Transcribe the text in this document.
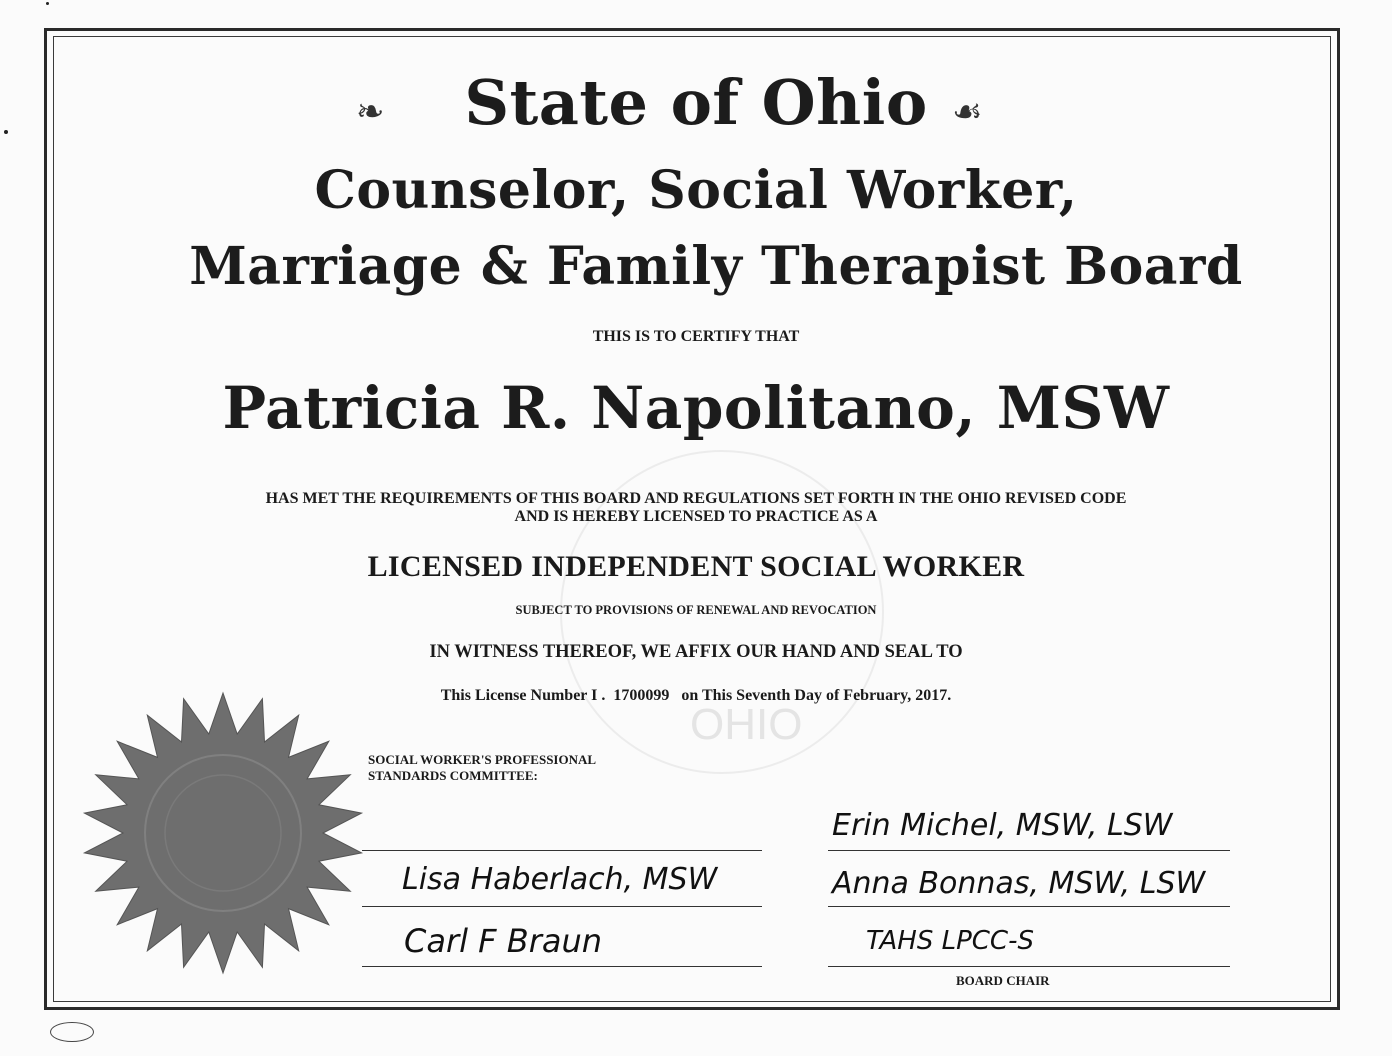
OHIO
❧	State of Ohio ☙
Counselor, Social Worker,
Marriage & Family Therapist Board
THIS IS TO CERTIFY THAT
Patricia R. Napolitano, MSW
HAS MET THE REQUIREMENTS OF THIS BOARD AND REGULATIONS SET FORTH IN THE OHIO REVISED CODE
AND IS HEREBY LICENSED TO PRACTICE AS A
LICENSED INDEPENDENT SOCIAL WORKER
SUBJECT TO PROVISIONS OF RENEWAL AND REVOCATION
IN WITNESS THEREOF, WE AFFIX OUR HAND AND SEAL TO
This License Number I .  1700099   on This Seventh Day of February, 2017.
SOCIAL WORKER'S PROFESSIONAL
STANDARDS COMMITTEE:
Lisa Haberlach, MSW
Carl F Braun
Erin Michel, MSW, LSW
Anna Bonnas, MSW, LSW
TAHS LPCC-S
BOARD CHAIR
